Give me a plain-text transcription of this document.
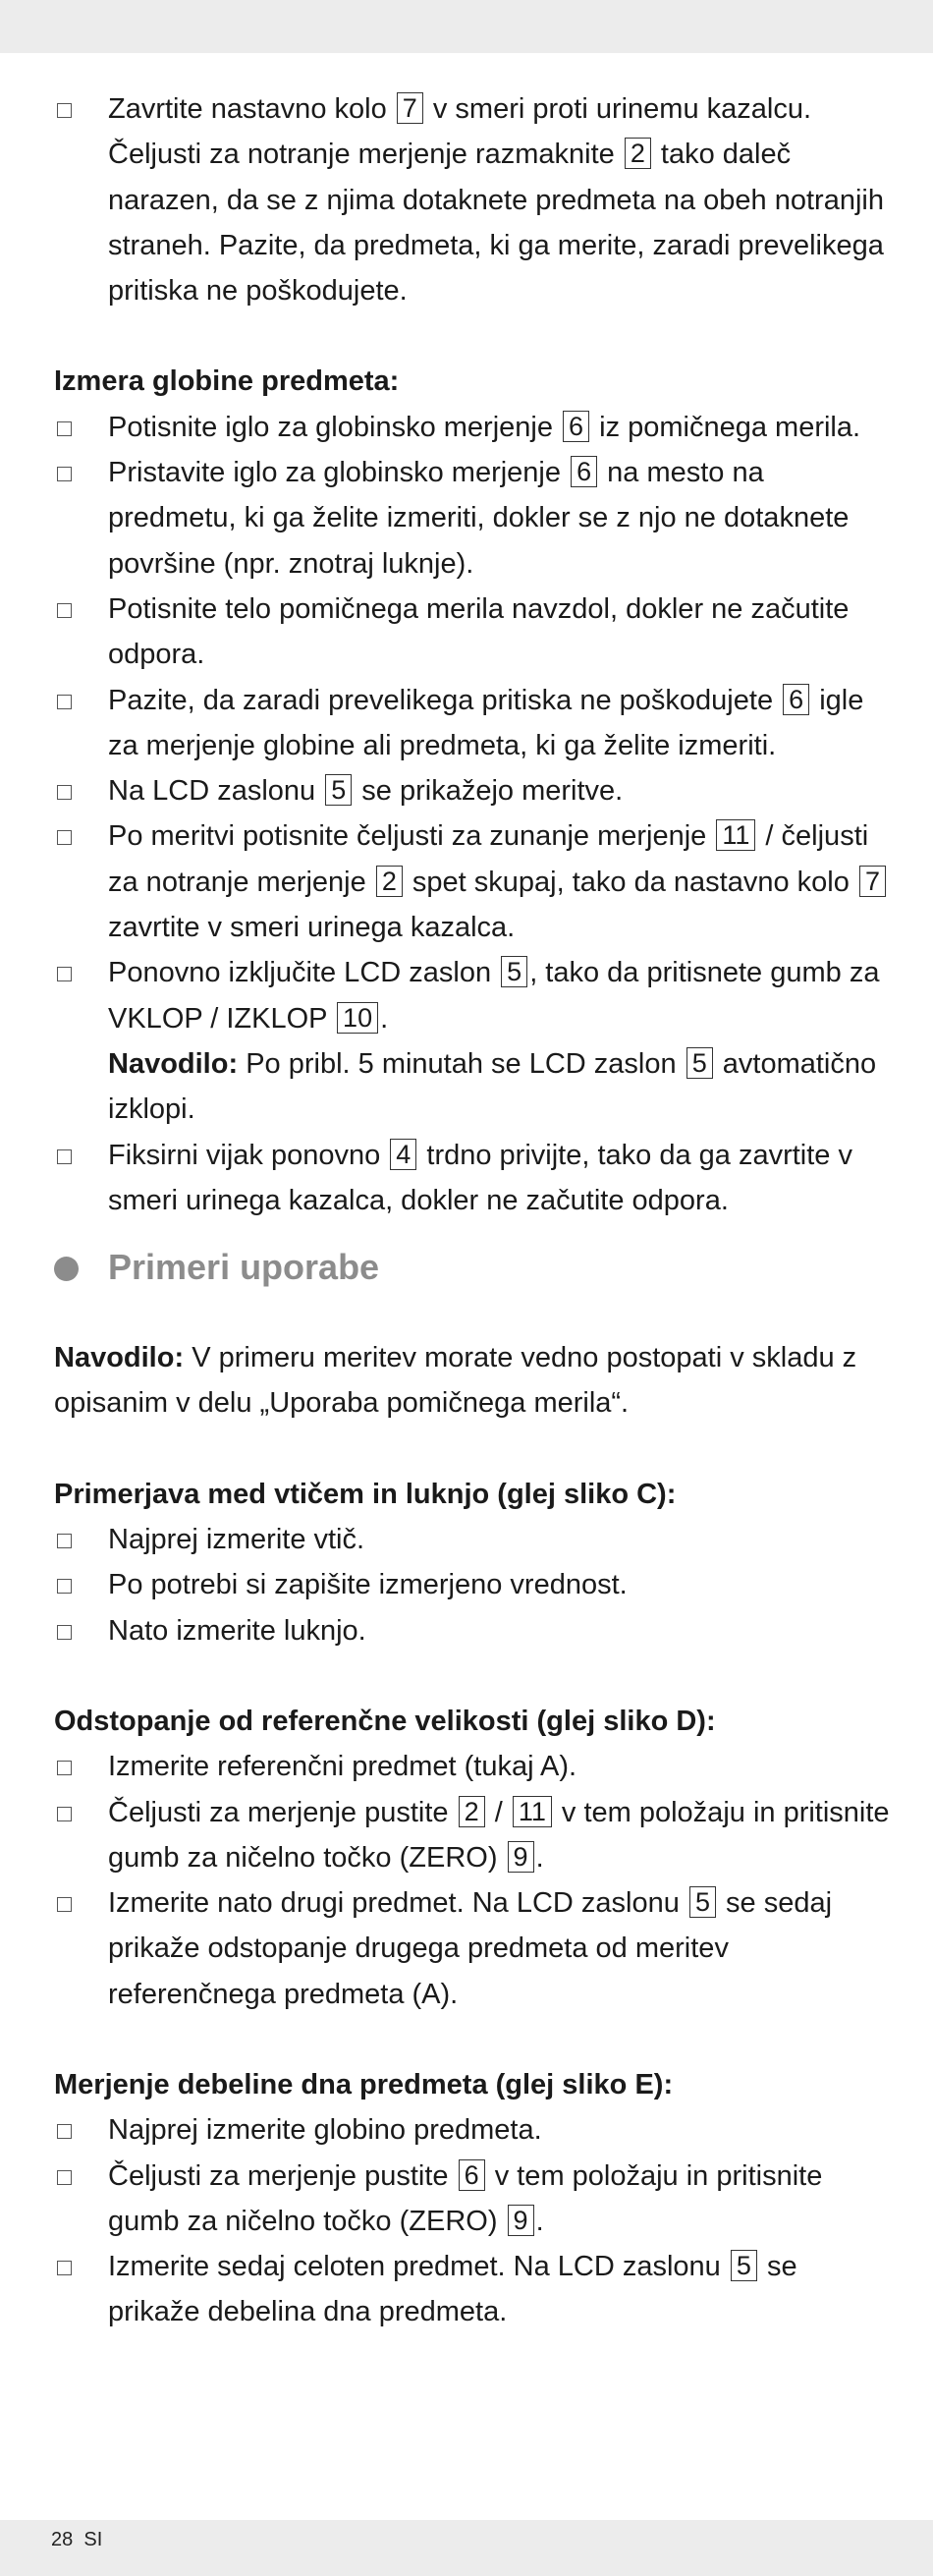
Zavrtite nastavno kolo 7 v smeri proti urinemu kazalcu. Čeljusti za notranje merjenje razmaknite 2 tako daleč narazen, da se z njima dotaknete predmeta na obeh notranjih straneh. Pazite, da predmeta, ki ga merite, zaradi prevelikega pritiska ne poškodujete.
Izmera globine predmeta:
Potisnite iglo za globinsko merjenje 6 iz pomičnega merila.
Pristavite iglo za globinsko merjenje 6 na mesto na predmetu, ki ga želite izmeriti, dokler se z njo ne dotaknete površine (npr. znotraj luknje).
Potisnite telo pomičnega merila navzdol, dokler ne začutite odpora.
Pazite, da zaradi prevelikega pritiska ne poškodujete 6 igle za merjenje globine ali predmeta, ki ga želite izmeriti.
Na LCD zaslonu 5 se prikažejo meritve.
Po meritvi potisnite čeljusti za zunanje merjenje 11 / čeljusti za notranje merjenje 2 spet skupaj, tako da nastavno kolo 7 zavrtite v smeri urinega kazalca.
Ponovno izključite LCD zaslon 5 , tako da pritisnete gumb za VKLOP / IZKLOP 10 .
Navodilo: Po pribl. 5 minutah se LCD zaslon 5 avtomatično izklopi.
Fiksirni vijak ponovno 4 trdno privijte, tako da ga zavrtite v smeri urinega kazalca, dokler ne začutite odpora.
Primeri uporabe
Navodilo: V primeru meritev morate vedno postopati v skladu z opisanim v delu „Uporaba pomičnega merila“.
Primerjava med vtičem in luknjo (glej sliko C):
Najprej izmerite vtič.
Po potrebi si zapišite izmerjeno vrednost.
Nato izmerite luknjo.
Odstopanje od referenčne velikosti (glej sliko D):
Izmerite referenčni predmet (tukaj A).
Čeljusti za merjenje pustite 2 / 11 v tem položaju in pritisnite gumb za ničelno točko (ZERO) 9 .
Izmerite nato drugi predmet. Na LCD zaslonu 5 se sedaj prikaže odstopanje drugega predmeta od meritev referenčnega predmeta (A).
Merjenje debeline dna predmeta (glej sliko E):
Najprej izmerite globino predmeta.
Čeljusti za merjenje pustite 6 v tem položaju in pritisnite gumb za ničelno točko (ZERO) 9 .
Izmerite sedaj celoten predmet. Na LCD zaslonu 5 se prikaže debelina dna predmeta.
28 SI
